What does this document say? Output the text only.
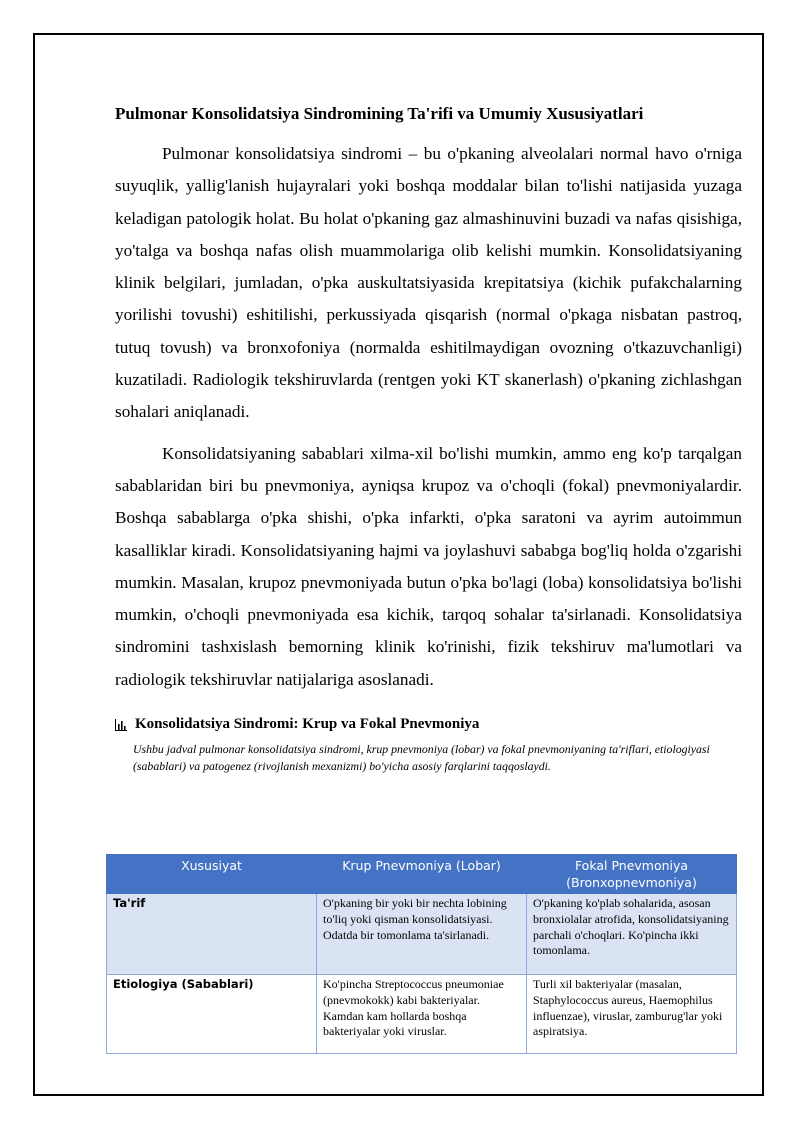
Pulmonar Konsolidatsiya Sindromining Ta'rifi va Umumiy Xususiyatlari

Pulmonar konsolidatsiya sindromi – bu o'pkaning alveolalari normal havo o'rniga suyuqlik, yallig'lanish hujayralari yoki boshqa moddalar bilan to'lishi natijasida yuzaga keladigan patologik holat. Bu holat o'pkaning gaz almashinuvini buzadi va nafas qisishiga, yo'talga va boshqa nafas olish muammolariga olib kelishi mumkin. Konsolidatsiyaning klinik belgilari, jumladan, o'pka auskultatsiyasida krepitatsiya (kichik pufakchalarning yorilishi tovushi) eshitilishi, perkussiyada qisqarish (normal o'pkaga nisbatan pastroq, tutuq tovush) va bronxofoniya (normalda eshitilmaydigan ovozning o'tkazuvchanligi) kuzatiladi. Radiologik tekshiruvlarda (rentgen yoki KT skanerlash) o'pkaning zichlashgan sohalari aniqlanadi.

Konsolidatsiyaning sabablari xilma-xil bo'lishi mumkin, ammo eng ko'p tarqalgan sabablaridan biri bu pnevmoniya, ayniqsa krupoz va o'choqli (fokal) pnevmoniyalardir. Boshqa sabablarga o'pka shishi, o'pka infarkti, o'pka saratoni va ayrim autoimmun kasalliklar kiradi. Konsolidatsiyaning hajmi va joylashuvi sababga bog'liq holda o'zgarishi mumkin. Masalan, krupoz pnevmoniyada butun o'pka bo'lagi (loba) konsolidatsiya bo'lishi mumkin, o'choqli pnevmoniyada esa kichik, tarqoq sohalar ta'sirlanadi. Konsolidatsiya sindromini tashxislash bemorning klinik ko'rinishi, fizik tekshiruv ma'lumotlari va radiologik tekshiruvlar natijalariga asoslanadi.

Konsolidatsiya Sindromi: Krup va Fokal Pnevmoniya
Ushbu jadval pulmonar konsolidatsiya sindromi, krup pnevmoniya (lobar) va fokal pnevmoniyaning ta'riflari, etiologiyasi (sabablari) va patogenez (rivojlanish mexanizmi) bo'yicha asosiy farqlarini taqqoslaydi.
Xususiyat	Krup Pnevmoniya (Lobar)	Fokal Pnevmoniya (Bronxopnevmoniya)
Ta'rif	O'pkaning bir yoki bir nechta lobining to'liq yoki qisman konsolidatsiyasi. Odatda bir tomonlama ta'sirlanadi.	O'pkaning ko'plab sohalarida, asosan bronxiolalar atrofida, konsolidatsiyaning parchali o'choqlari. Ko'pincha ikki tomonlama.
Etiologiya (Sabablari)	Ko'pincha Streptococcus pneumoniae (pnevmokokk) kabi bakteriyalar. Kamdan kam hollarda boshqa bakteriyalar yoki viruslar.	Turli xil bakteriyalar (masalan, Staphylococcus aureus, Haemophilus influenzae), viruslar, zamburug'lar yoki aspiratsiya.
